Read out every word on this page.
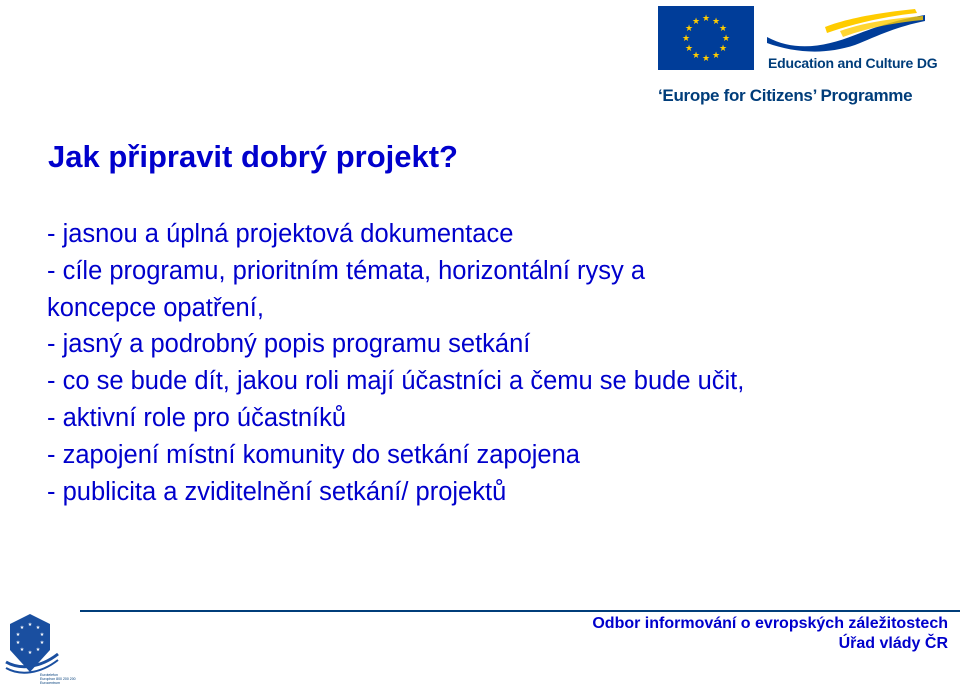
★ ★
★
★
★
★
★
★
★
★
★
★
Education and Culture DG
‘Europe for Citizens’ Programme
Jak připravit dobrý projekt?
- jasnou a úplná projektová dokumentace
- cíle programu, prioritním témata, horizontální rysy a
koncepce opatření,
- jasný a podrobný popis programu setkání
- co se bude dít, jakou roli mají účastníci a čemu se bude učit,
- aktivní role pro účastníků
- zapojení místní komunity do setkání zapojena
- publicita a zviditelnění setkání/ projektů
★ ★
★
★
★
★
★
★
★
★
Eurotelefon
Europhon 800 200 200
Eurocentrum
Odbor informování o evropských záležitostech
Úřad vlády ČR
